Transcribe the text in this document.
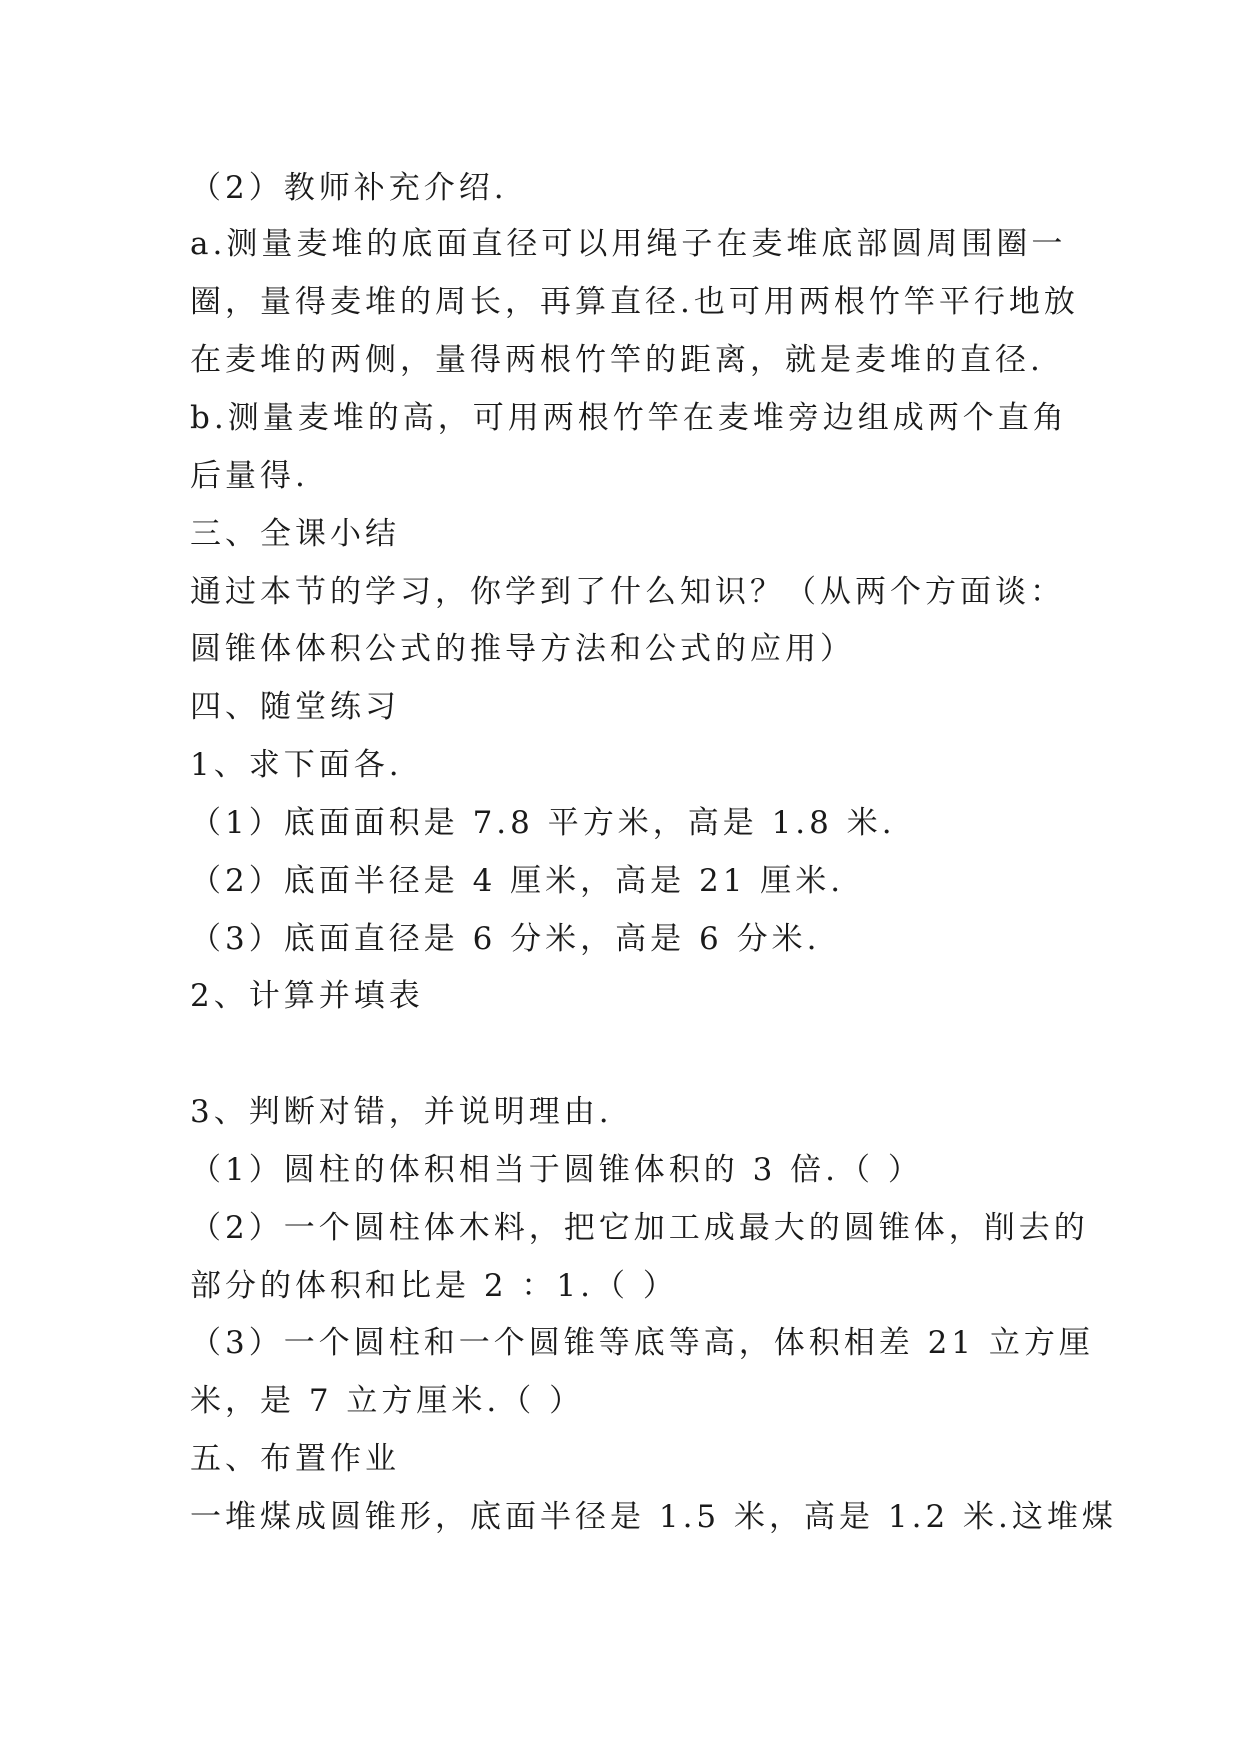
（2）教师补充介绍.
a.测量麦堆的底面直径可以用绳子在麦堆底部圆周围圈一
圈，量得麦堆的周长，再算直径.也可用两根竹竿平行地放
在麦堆的两侧，量得两根竹竿的距离，就是麦堆的直径.
b.测量麦堆的高，可用两根竹竿在麦堆旁边组成两个直角
后量得.
三、全课小结
通过本节的学习，你学到了什么知识？（从两个方面谈：
圆锥体体积公式的推导方法和公式的应用）
四、随堂练习
1、求下面各.
（1）底面面积是 7.8 平方米，高是 1.8 米.
（2）底面半径是 4 厘米，高是 21 厘米.
（3）底面直径是 6 分米，高是 6 分米.
2、计算并填表
3、判断对错，并说明理由.
（1）圆柱的体积相当于圆锥体积的 3 倍.（ ）
（2）一个圆柱体木料，把它加工成最大的圆锥体，削去的
部分的体积和比是 2 ：1.（ ）
（3）一个圆柱和一个圆锥等底等高，体积相差 21 立方厘
米，是 7 立方厘米.（ ）
五、布置作业
一堆煤成圆锥形，底面半径是 1.5 米，高是 1.2 米.这堆煤
